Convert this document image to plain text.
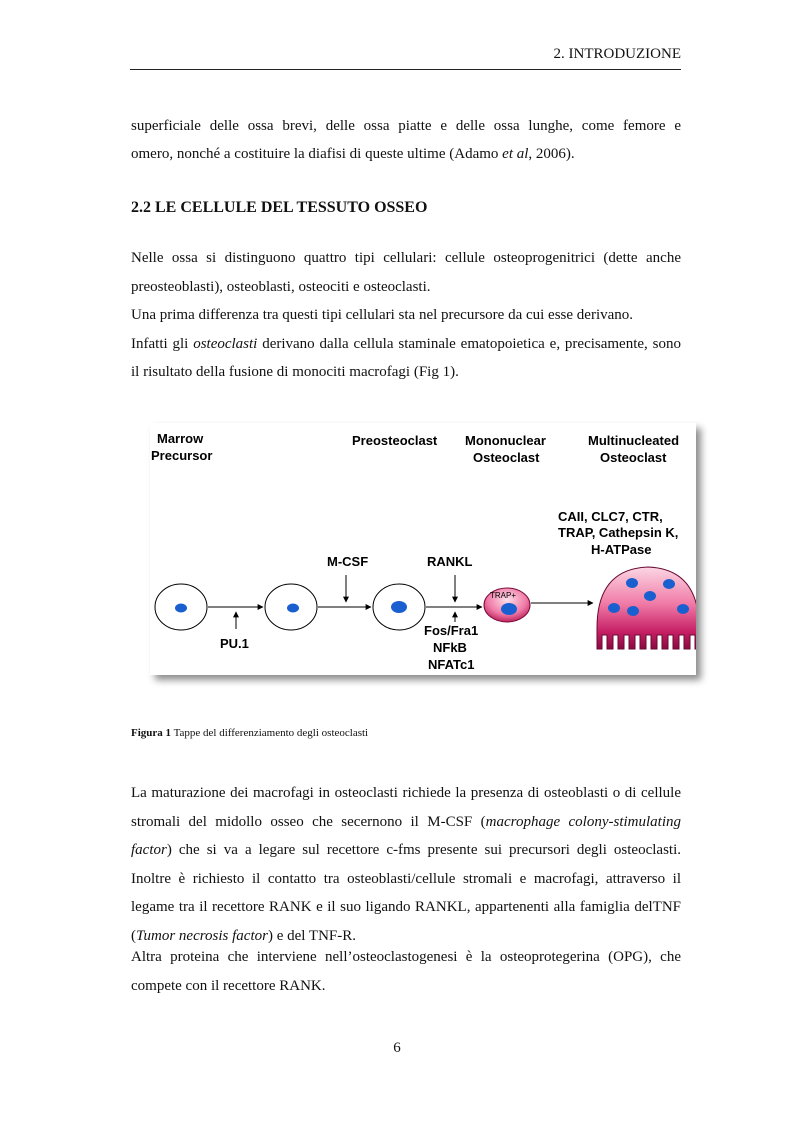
2. INTRODUZIONE

superficiale delle ossa brevi, delle ossa piatte e delle ossa lunghe, come femore e

omero, nonché a costituire la diafisi di queste ultime (Adamo et al, 2006).

2.2 LE CELLULE DEL TESSUTO OSSEO
Nelle ossa si distinguono quattro tipi cellulari: cellule osteoprogenitrici (dette anche preosteoblasti), osteoblasti, osteociti e osteoclasti.
Una prima differenza tra questi tipi cellulari sta nel precursore da cui esse derivano.
Infatti gli osteoclasti derivano dalla cellula staminale ematopoietica e, precisamente, sono il risultato della fusione di monociti macrofagi (Fig 1).
Marrow
Precursor
Preosteoclast Mononuclear
Osteoclast
Multinucleated
Osteoclast
CAII, CLC7, CTR,
TRAP, Cathepsin K,
H-ATPase
TRAP+
PU.1
M-CSF	RANKL
Fos/Fra1
NFkB
NFATc1
Figura 1 Tappe del differenziamento degli osteoclasti
La maturazione dei macrofagi in osteoclasti richiede la presenza di osteoblasti o di cellule stromali del midollo osseo che secernono il M-CSF (macrophage colony-stimulating factor) che si va a legare sul recettore c-fms presente sui precursori degli osteoclasti. Inoltre è richiesto il contatto tra osteoblasti/cellule stromali e macrofagi, attraverso il legame tra il recettore RANK e il suo ligando RANKL, appartenenti alla famiglia delTNF (Tumor necrosis factor) e del TNF-R.
Altra proteina che interviene nell’osteoclastogenesi è la osteoprotegerina (OPG), che compete con il recettore RANK.
6
